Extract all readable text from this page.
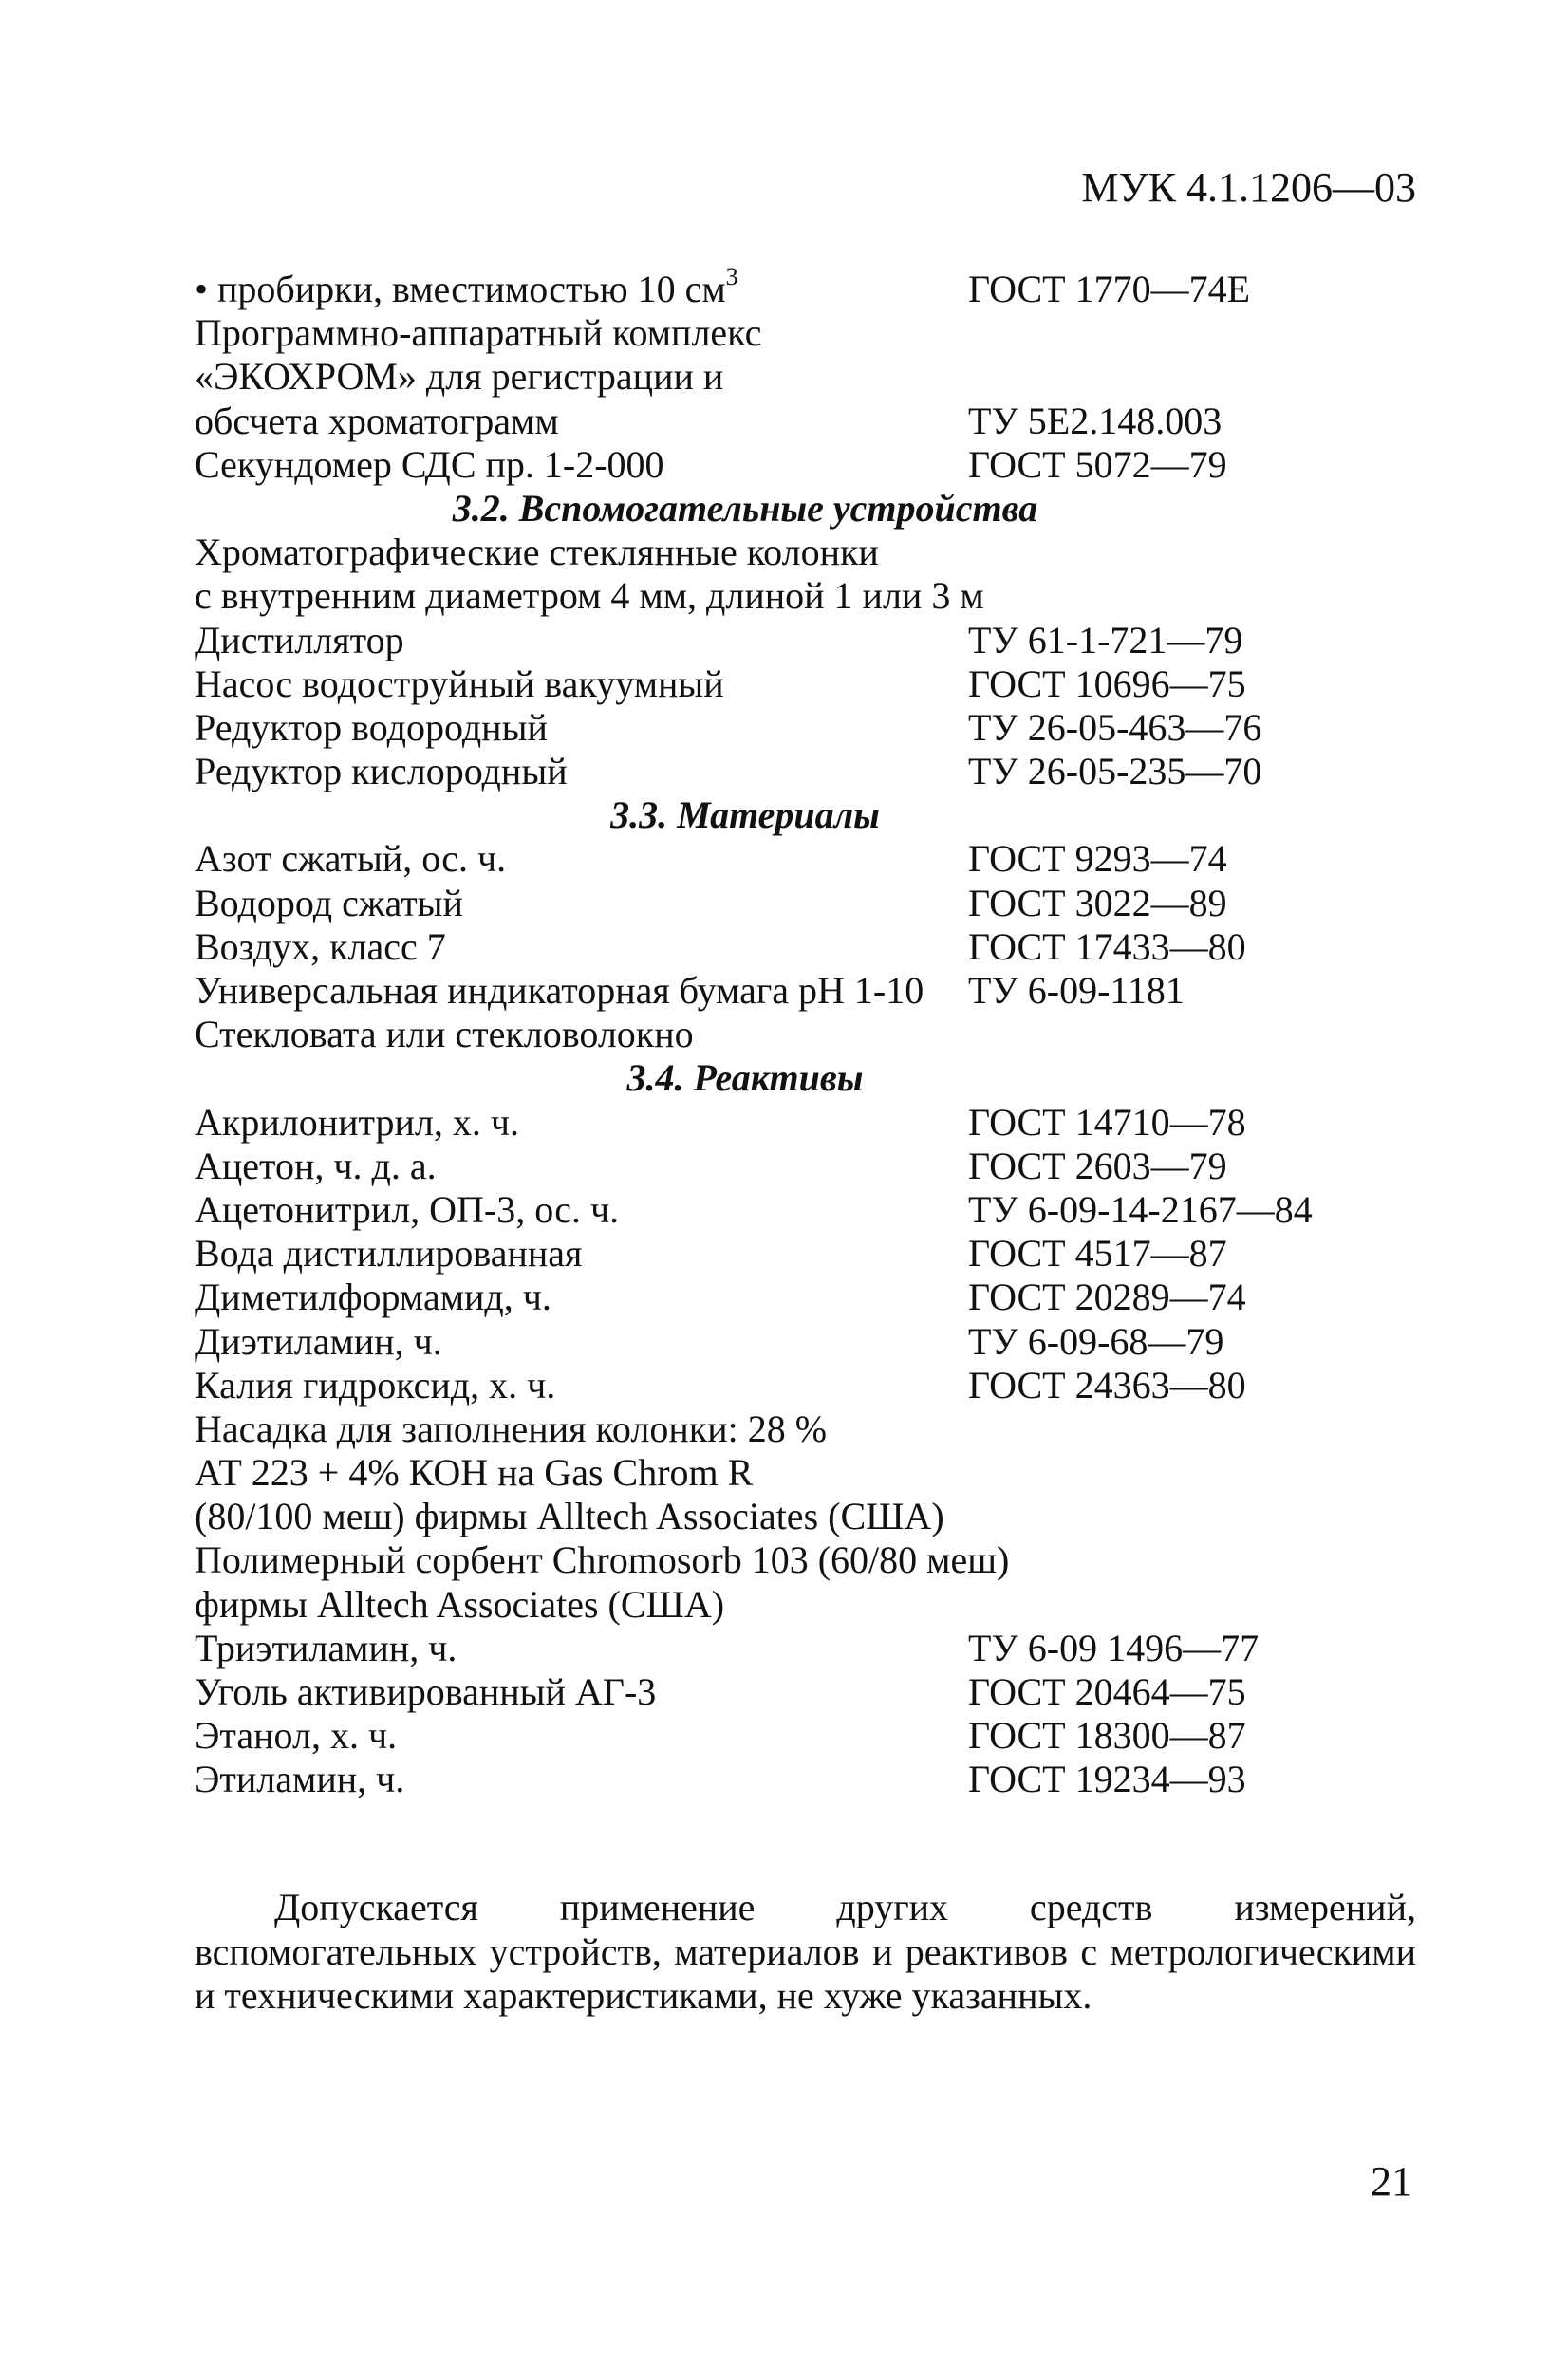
МУК 4.1.1206—03
• пробирки, вместимостью 10 $см^3$	ГОСТ 1770—74Е
Программно-аппаратный комплекс
«ЭКОХРОМ» для регистрации и
обсчета хроматограмм	ТУ 5Е2.148.003
Секундомер СДС пр. 1-2-000	ГОСТ 5072—79
3.2. Вспомогательные устройства
Хроматографические стеклянные колонки
с внутренним диаметром 4 мм, длиной 1 или 3 м
Дистиллятор	ТУ 61-1-721—79
Насос водоструйный вакуумный	ГОСТ 10696—75
Редуктор водородный	ТУ 26-05-463—76
Редуктор кислородный	ТУ 26-05-235—70
3.3. Материалы
Азот сжатый, ос. ч.	ГОСТ 9293—74
Водород сжатый	ГОСТ 3022—89
Воздух, класс 7	ГОСТ 17433—80
Универсальная индикаторная бумага рН 1-10 ТУ 6-09-1181
Стекловата или стекловолокно
3.4. Реактивы
Акрилонитрил, х. ч.	ГОСТ 14710—78
Ацетон, ч. д. а.	ГОСТ 2603—79
Ацетонитрил, ОП-3, ос. ч.	ТУ 6-09-14-2167—84
Вода дистиллированная	ГОСТ 4517—87
Диметилформамид, ч.	ГОСТ 20289—74
Диэтиламин, ч.	ТУ 6-09-68—79
Калия гидроксид, х. ч.	ГОСТ 24363—80
Насадка для заполнения колонки: 28 %
АТ 223 + 4% КОН на Gas Chrom R
(80/100 меш) фирмы Alltech Associates (США)
Полимерный сорбент Chromosorb 103 (60/80 меш)
фирмы Alltech Associates (США)
Триэтиламин, ч.	ТУ 6-09 1496—77
Уголь активированный АГ-3	ГОСТ 20464—75
Этанол, х. ч.	ГОСТ 18300—87
Этиламин, ч.	ГОСТ 19234—93

Допускается применение других средств измерений, вспомогательных устройств, материалов и реактивов с метрологическими и техническими характеристиками, не хуже указанных.

21
